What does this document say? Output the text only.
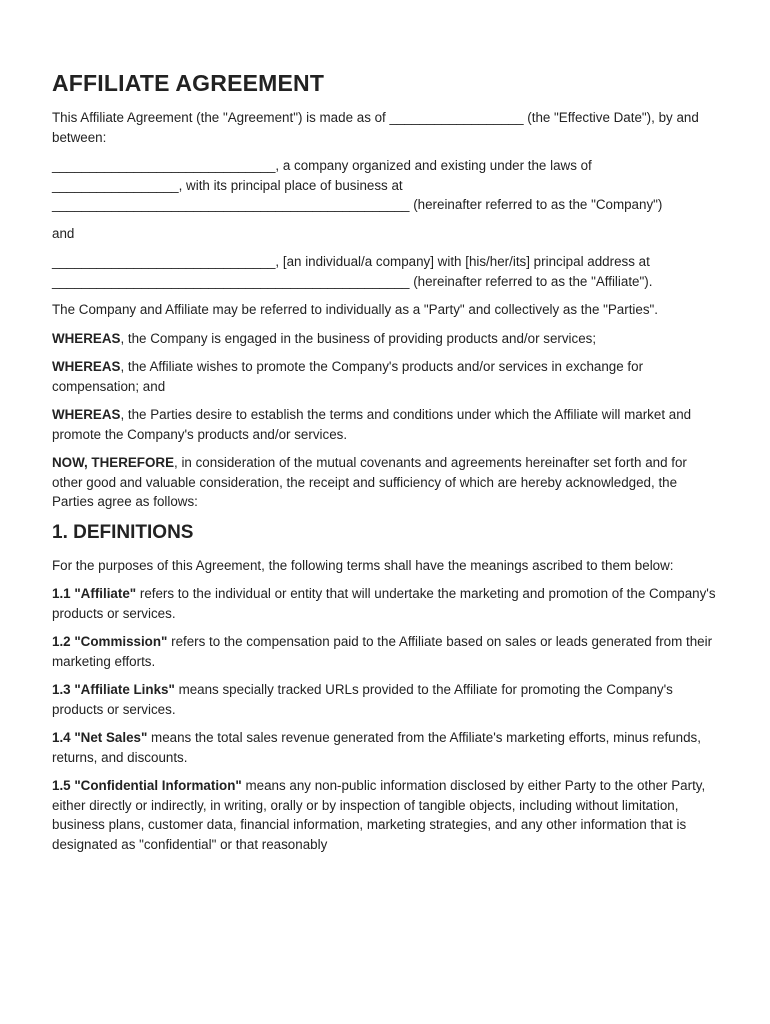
AFFILIATE AGREEMENT

This Affiliate Agreement (the "Agreement") is made as of __________________ (the "Effective Date"), by and between:

______________________________, a company organized and existing under the laws of _________________, with its principal place of business at ________________________________________________ (hereinafter referred to as the "Company")

and

______________________________, [an individual/a company] with [his/her/its] principal address at ________________________________________________ (hereinafter referred to as the "Affiliate").

The Company and Affiliate may be referred to individually as a "Party" and collectively as the "Parties".

WHEREAS, the Company is engaged in the business of providing products and/or services;

WHEREAS, the Affiliate wishes to promote the Company's products and/or services in exchange for compensation; and

WHEREAS, the Parties desire to establish the terms and conditions under which the Affiliate will market and promote the Company's products and/or services.

NOW, THEREFORE, in consideration of the mutual covenants and agreements hereinafter set forth and for other good and valuable consideration, the receipt and sufficiency of which are hereby acknowledged, the Parties agree as follows:

1. DEFINITIONS

For the purposes of this Agreement, the following terms shall have the meanings ascribed to them below:

1.1 "Affiliate" refers to the individual or entity that will undertake the marketing and promotion of the Company's products or services.

1.2 "Commission" refers to the compensation paid to the Affiliate based on sales or leads generated from their marketing efforts.

1.3 "Affiliate Links" means specially tracked URLs provided to the Affiliate for promoting the Company's products or services.

1.4 "Net Sales" means the total sales revenue generated from the Affiliate's marketing efforts, minus refunds, returns, and discounts.

1.5 "Confidential Information" means any non-public information disclosed by either Party to the other Party, either directly or indirectly, in writing, orally or by inspection of tangible objects, including without limitation, business plans, customer data, financial information, marketing strategies, and any other information that is designated as "confidential" or that reasonably
